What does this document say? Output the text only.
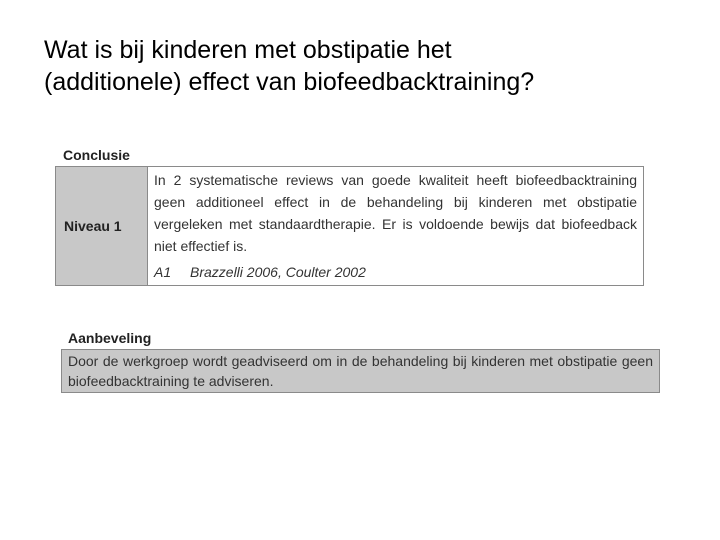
Wat is bij kinderen met obstipatie het
(additionele) effect van biofeedbacktraining?
Conclusie
Niveau 1
In 2 systematische reviews van goede kwaliteit heeft biofeedbacktraining geen additioneel effect in de behandeling bij kinderen met obstipatie vergeleken met standaardtherapie. Er is voldoende bewijs dat biofeedback niet effectief is.
A1 Brazzelli 2006, Coulter 2002
Aanbeveling
Door de werkgroep wordt geadviseerd om in de behandeling bij kinderen met obstipatie geen biofeedbacktraining te adviseren.
